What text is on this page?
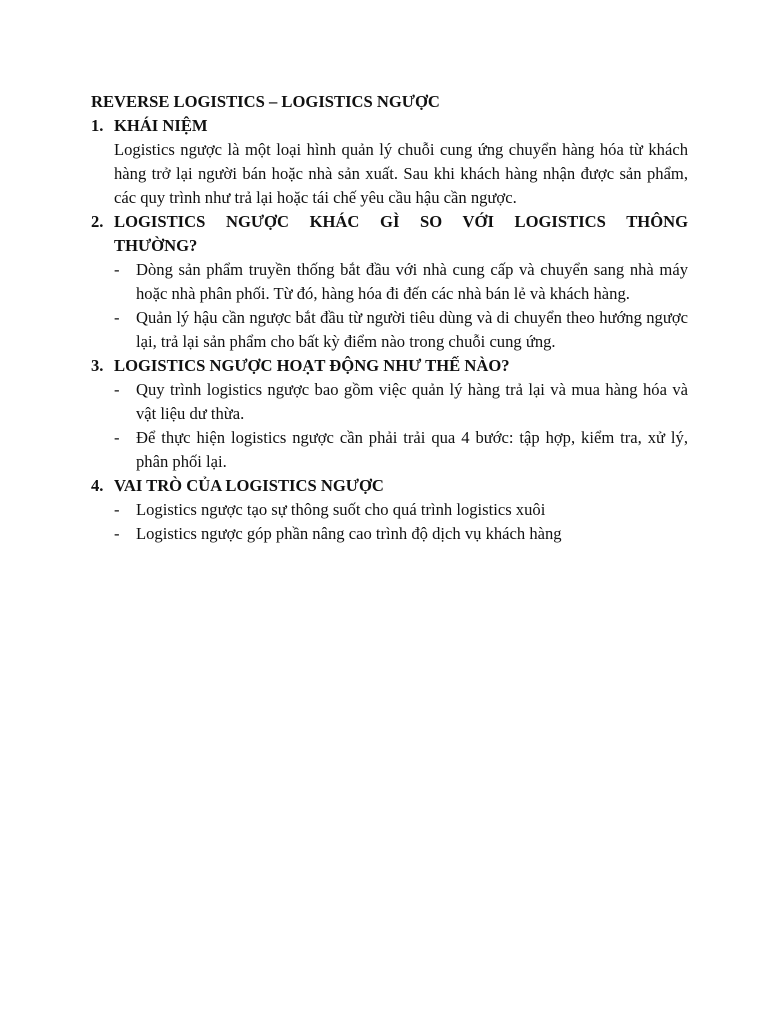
REVERSE LOGISTICS – LOGISTICS NGƯỢC
1. KHÁI NIỆM

Logistics ngược là một loại hình quản lý chuỗi cung ứng chuyển hàng hóa từ khách hàng trở lại người bán hoặc nhà sản xuất. Sau khi khách hàng nhận được sản phẩm, các quy trình như trả lại hoặc tái chế yêu cầu hậu cần ngược.

2. LOGISTICS NGƯỢC KHÁC GÌ SO VỚI LOGISTICS THÔNG
THƯỜNG?
- Dòng sản phẩm truyền thống bắt đầu với nhà cung cấp và chuyển sang nhà máy hoặc nhà phân phối. Từ đó, hàng hóa đi đến các nhà bán lẻ và khách hàng.
- Quản lý hậu cần ngược bắt đầu từ người tiêu dùng và di chuyển theo hướng ngược lại, trả lại sản phẩm cho bất kỳ điểm nào trong chuỗi cung ứng.
3. LOGISTICS NGƯỢC HOẠT ĐỘNG NHƯ THẾ NÀO?
- Quy trình logistics ngược bao gồm việc quản lý hàng trả lại và mua hàng hóa và vật liệu dư thừa.
- Để thực hiện logistics ngược cần phải trải qua 4 bước: tập hợp, kiểm tra, xử lý, phân phối lại.
4. VAI TRÒ CỦA LOGISTICS NGƯỢC
- Logistics ngược tạo sự thông suốt cho quá trình logistics xuôi
- Logistics ngược góp phần nâng cao trình độ dịch vụ khách hàng
